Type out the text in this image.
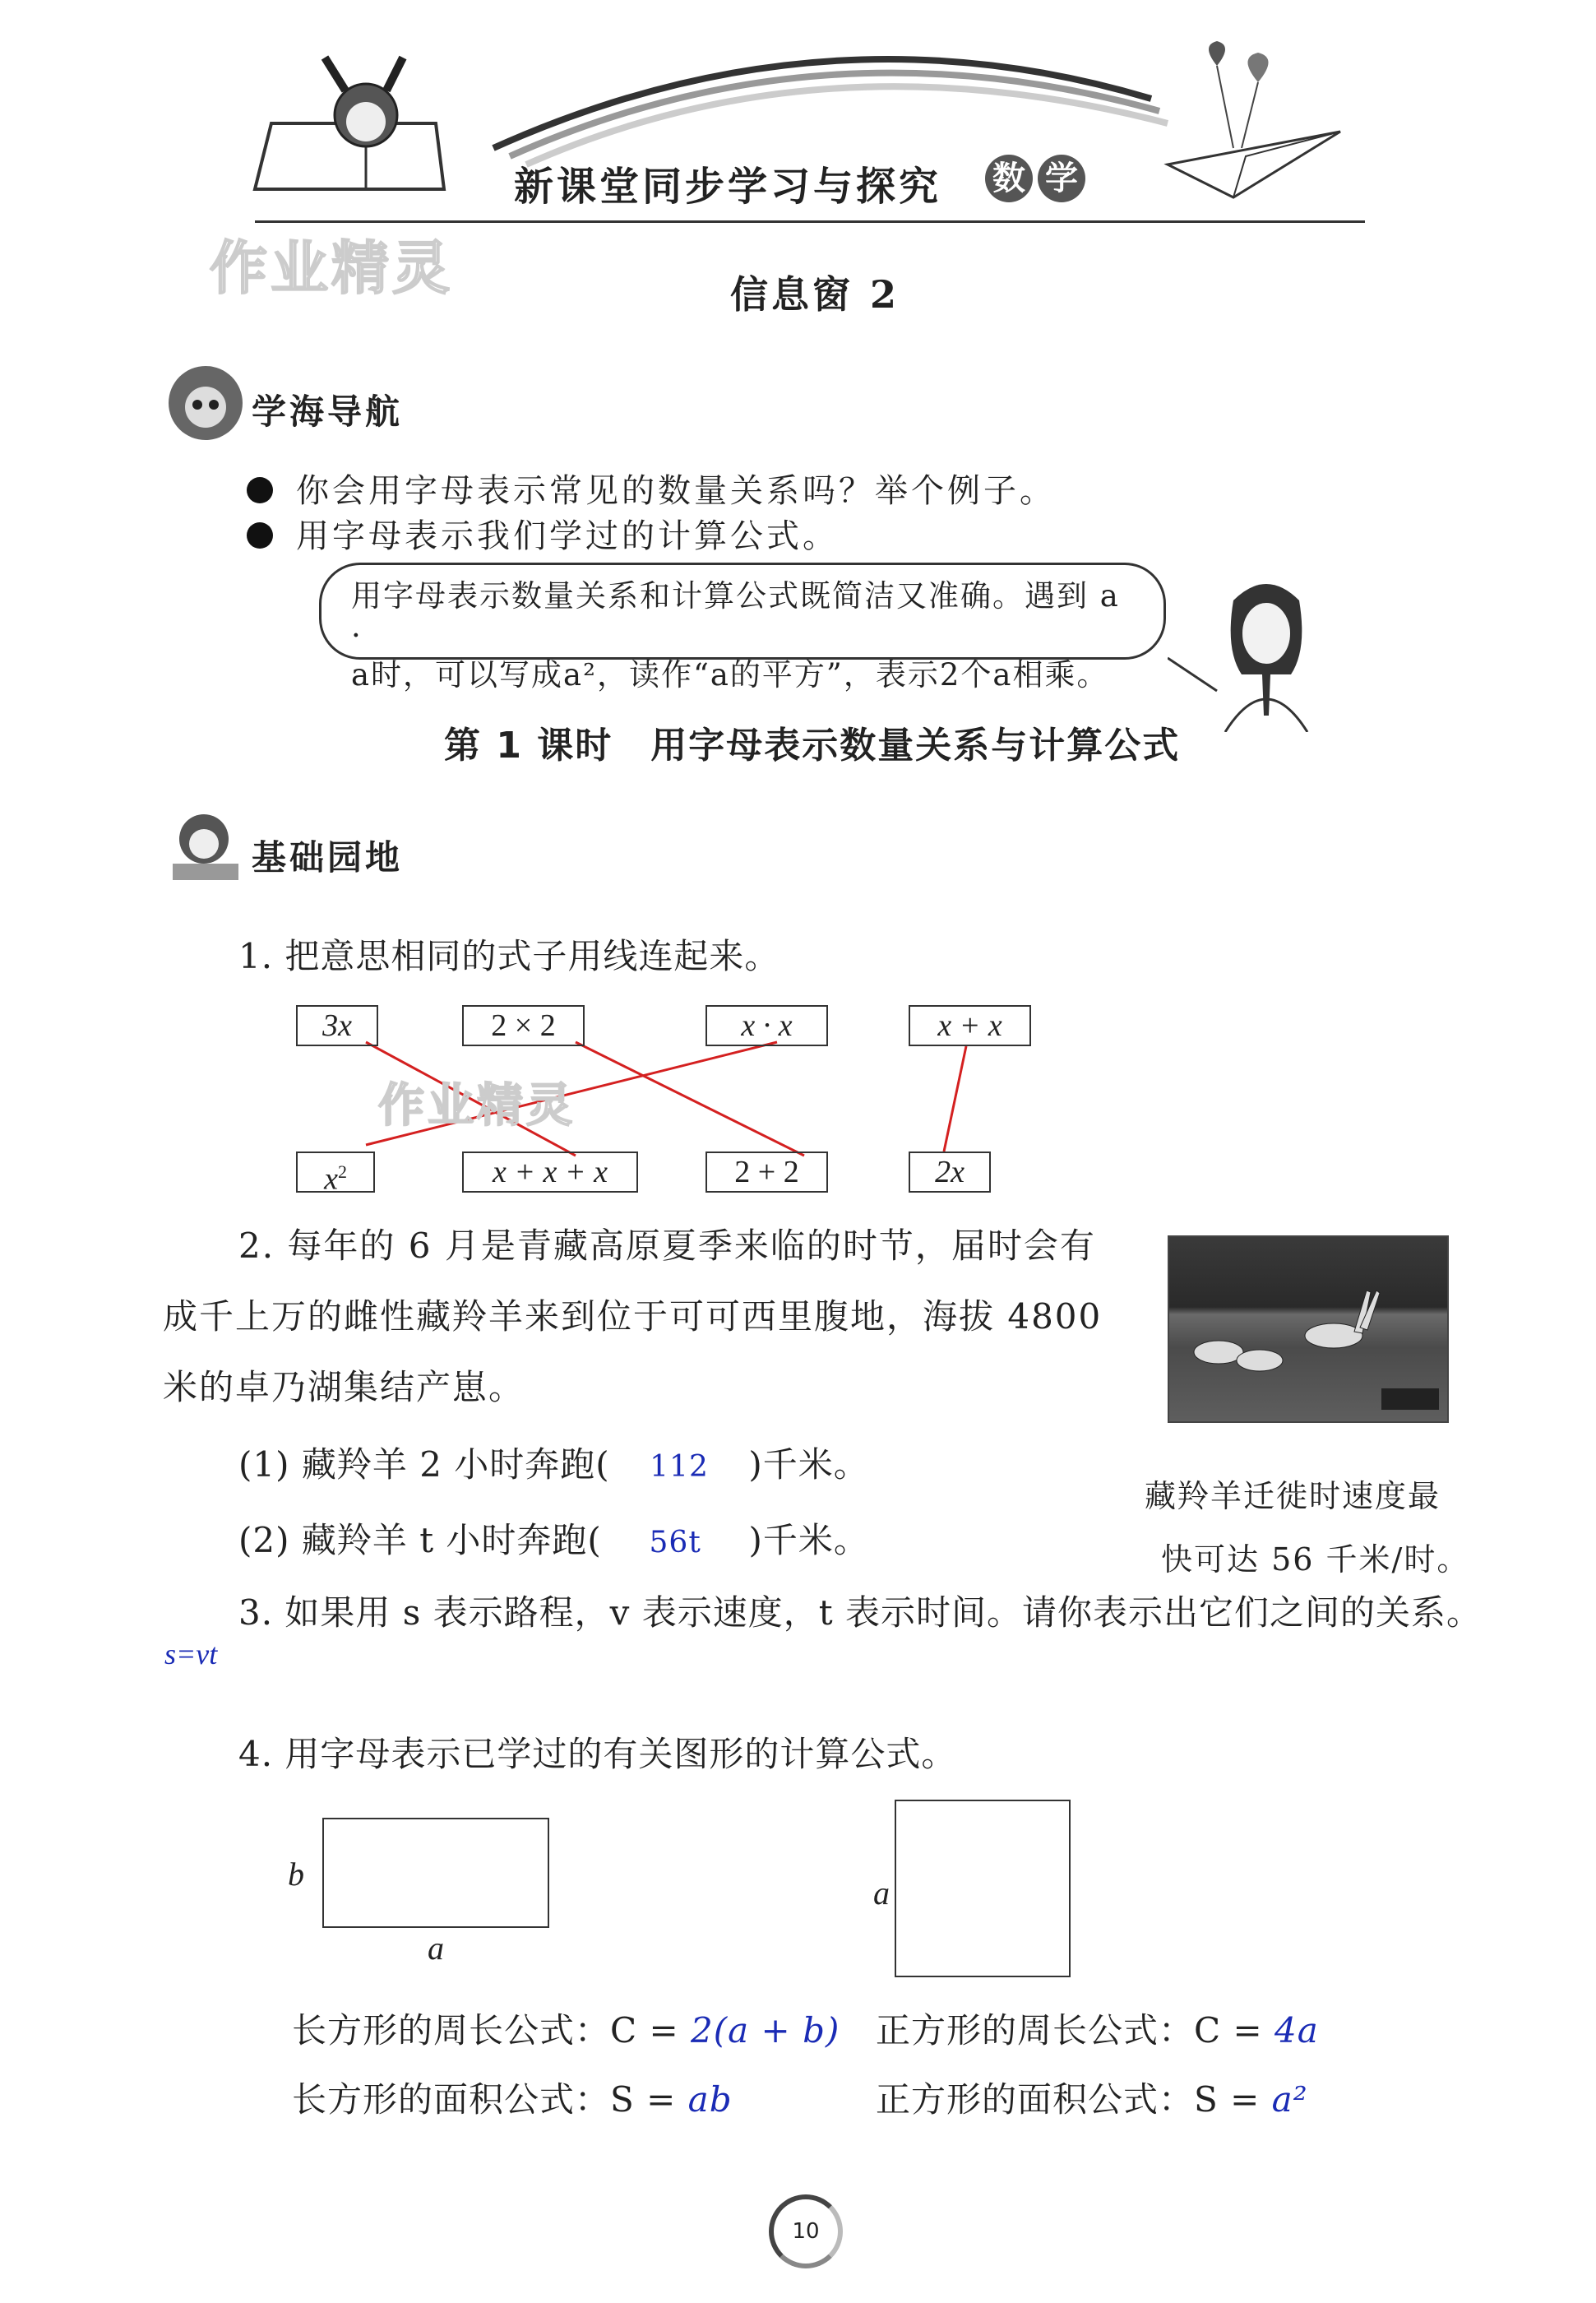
新课堂同步学习与探究 数 学
作业精灵	信息窗 2
学海导航
你会用字母表示常见的数量关系吗？举个例子。
用字母表示我们学过的计算公式。
用字母表示数量关系和计算公式既简洁又准确。遇到 a ·
a时，可以写成a²，读作“a的平方”，表示2个a相乘。
第 1 课时　用字母表示数量关系与计算公式
基础园地
1. 把意思相同的式子用线连起来。
3x	2 × 2	x · x	x + x
$x^2$	x + x + x	2 + 2	2x
作业精灵
2. 每年的 6 月是青藏高原夏季来临的时节，届时会有
成千上万的雌性藏羚羊来到位于可可西里腹地，海拔 4800
米的卓乃湖集结产崽。
(1) 藏羚羊 2 小时奔跑( 112 )千米。
(2) 藏羚羊 t 小时奔跑( 56t )千米。
藏羚羊迁徙时速度最
快可达 56 千米/时。
3. 如果用 s 表示路程，v 表示速度，t 表示时间。请你表示出它们之间的关系。
s=vt
4. 用字母表示已学过的有关图形的计算公式。
b
a
a
长方形的周长公式：C = 2(a + b)
长方形的面积公式：S = ab
正方形的周长公式：C = 4a
正方形的面积公式：S = a²
10
